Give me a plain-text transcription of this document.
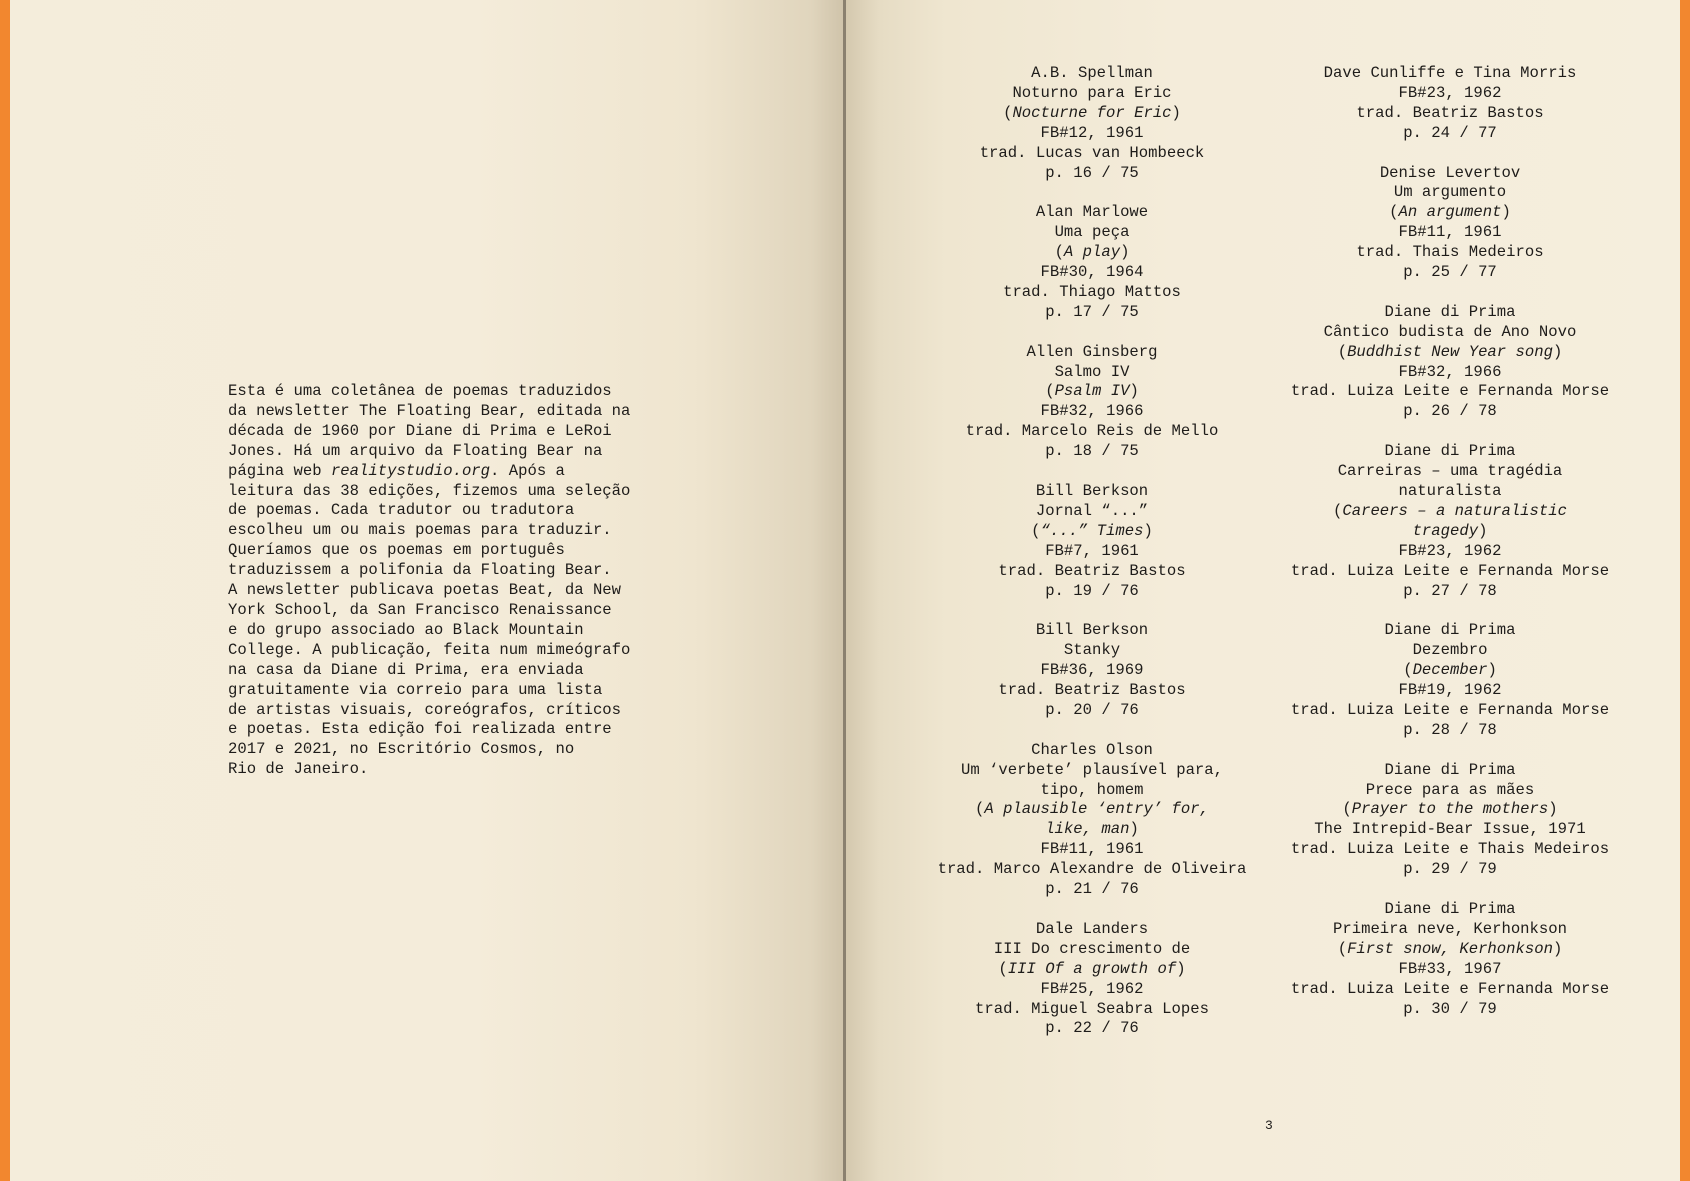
Esta é uma coletânea de poemas traduzidos
da newsletter The Floating Bear, editada na
década de 1960 por Diane di Prima e LeRoi
Jones. Há um arquivo da Floating Bear na
página web realitystudio.org. Após a
leitura das 38 edições, fizemos uma seleção
de poemas. Cada tradutor ou tradutora
escolheu um ou mais poemas para traduzir.
Queríamos que os poemas em português
traduzissem a polifonia da Floating Bear.
A newsletter publicava poetas Beat, da New
York School, da San Francisco Renaissance
e do grupo associado ao Black Mountain
College. A publicação, feita num mimeógrafo
na casa da Diane di Prima, era enviada
gratuitamente via correio para uma lista
de artistas visuais, coreógrafos, críticos
e poetas. Esta edição foi realizada entre
2017 e 2021, no Escritório Cosmos, no
Rio de Janeiro.
A.B. Spellman
Noturno para Eric
(Nocturne for Eric)
FB#12, 1961
trad. Lucas van Hombeeck
p. 16 / 75
Alan Marlowe
Uma peça
(A play)
FB#30, 1964
trad. Thiago Mattos
p. 17 / 75
Allen Ginsberg
Salmo IV
(Psalm IV)
FB#32, 1966
trad. Marcelo Reis de Mello
p. 18 / 75
Bill Berkson
Jornal “...”
(“...” Times)
FB#7, 1961
trad. Beatriz Bastos
p. 19 / 76
Bill Berkson
Stanky
FB#36, 1969
trad. Beatriz Bastos
p. 20 / 76
Charles Olson
Um ‘verbete’ plausível para,
tipo, homem
(A plausible ‘entry’ for,
like, man)
FB#11, 1961
trad. Marco Alexandre de Oliveira
p. 21 / 76
Dale Landers
III Do crescimento de
(III Of a growth of)
FB#25, 1962
trad. Miguel Seabra Lopes
p. 22 / 76
Dave Cunliffe e Tina Morris
FB#23, 1962
trad. Beatriz Bastos
p. 24 / 77
Denise Levertov
Um argumento
(An argument)
FB#11, 1961
trad. Thais Medeiros
p. 25 / 77
Diane di Prima
Cântico budista de Ano Novo
(Buddhist New Year song)
FB#32, 1966
trad. Luiza Leite e Fernanda Morse
p. 26 / 78
Diane di Prima
Carreiras – uma tragédia
naturalista
(Careers – a naturalistic
tragedy)
FB#23, 1962
trad. Luiza Leite e Fernanda Morse
p. 27 / 78
Diane di Prima
Dezembro
(December)
FB#19, 1962
trad. Luiza Leite e Fernanda Morse
p. 28 / 78
Diane di Prima
Prece para as mães
(Prayer to the mothers)
The Intrepid-Bear Issue, 1971
trad. Luiza Leite e Thais Medeiros
p. 29 / 79
Diane di Prima
Primeira neve, Kerhonkson
(First snow, Kerhonkson)
FB#33, 1967
trad. Luiza Leite e Fernanda Morse
p. 30 / 79
3
